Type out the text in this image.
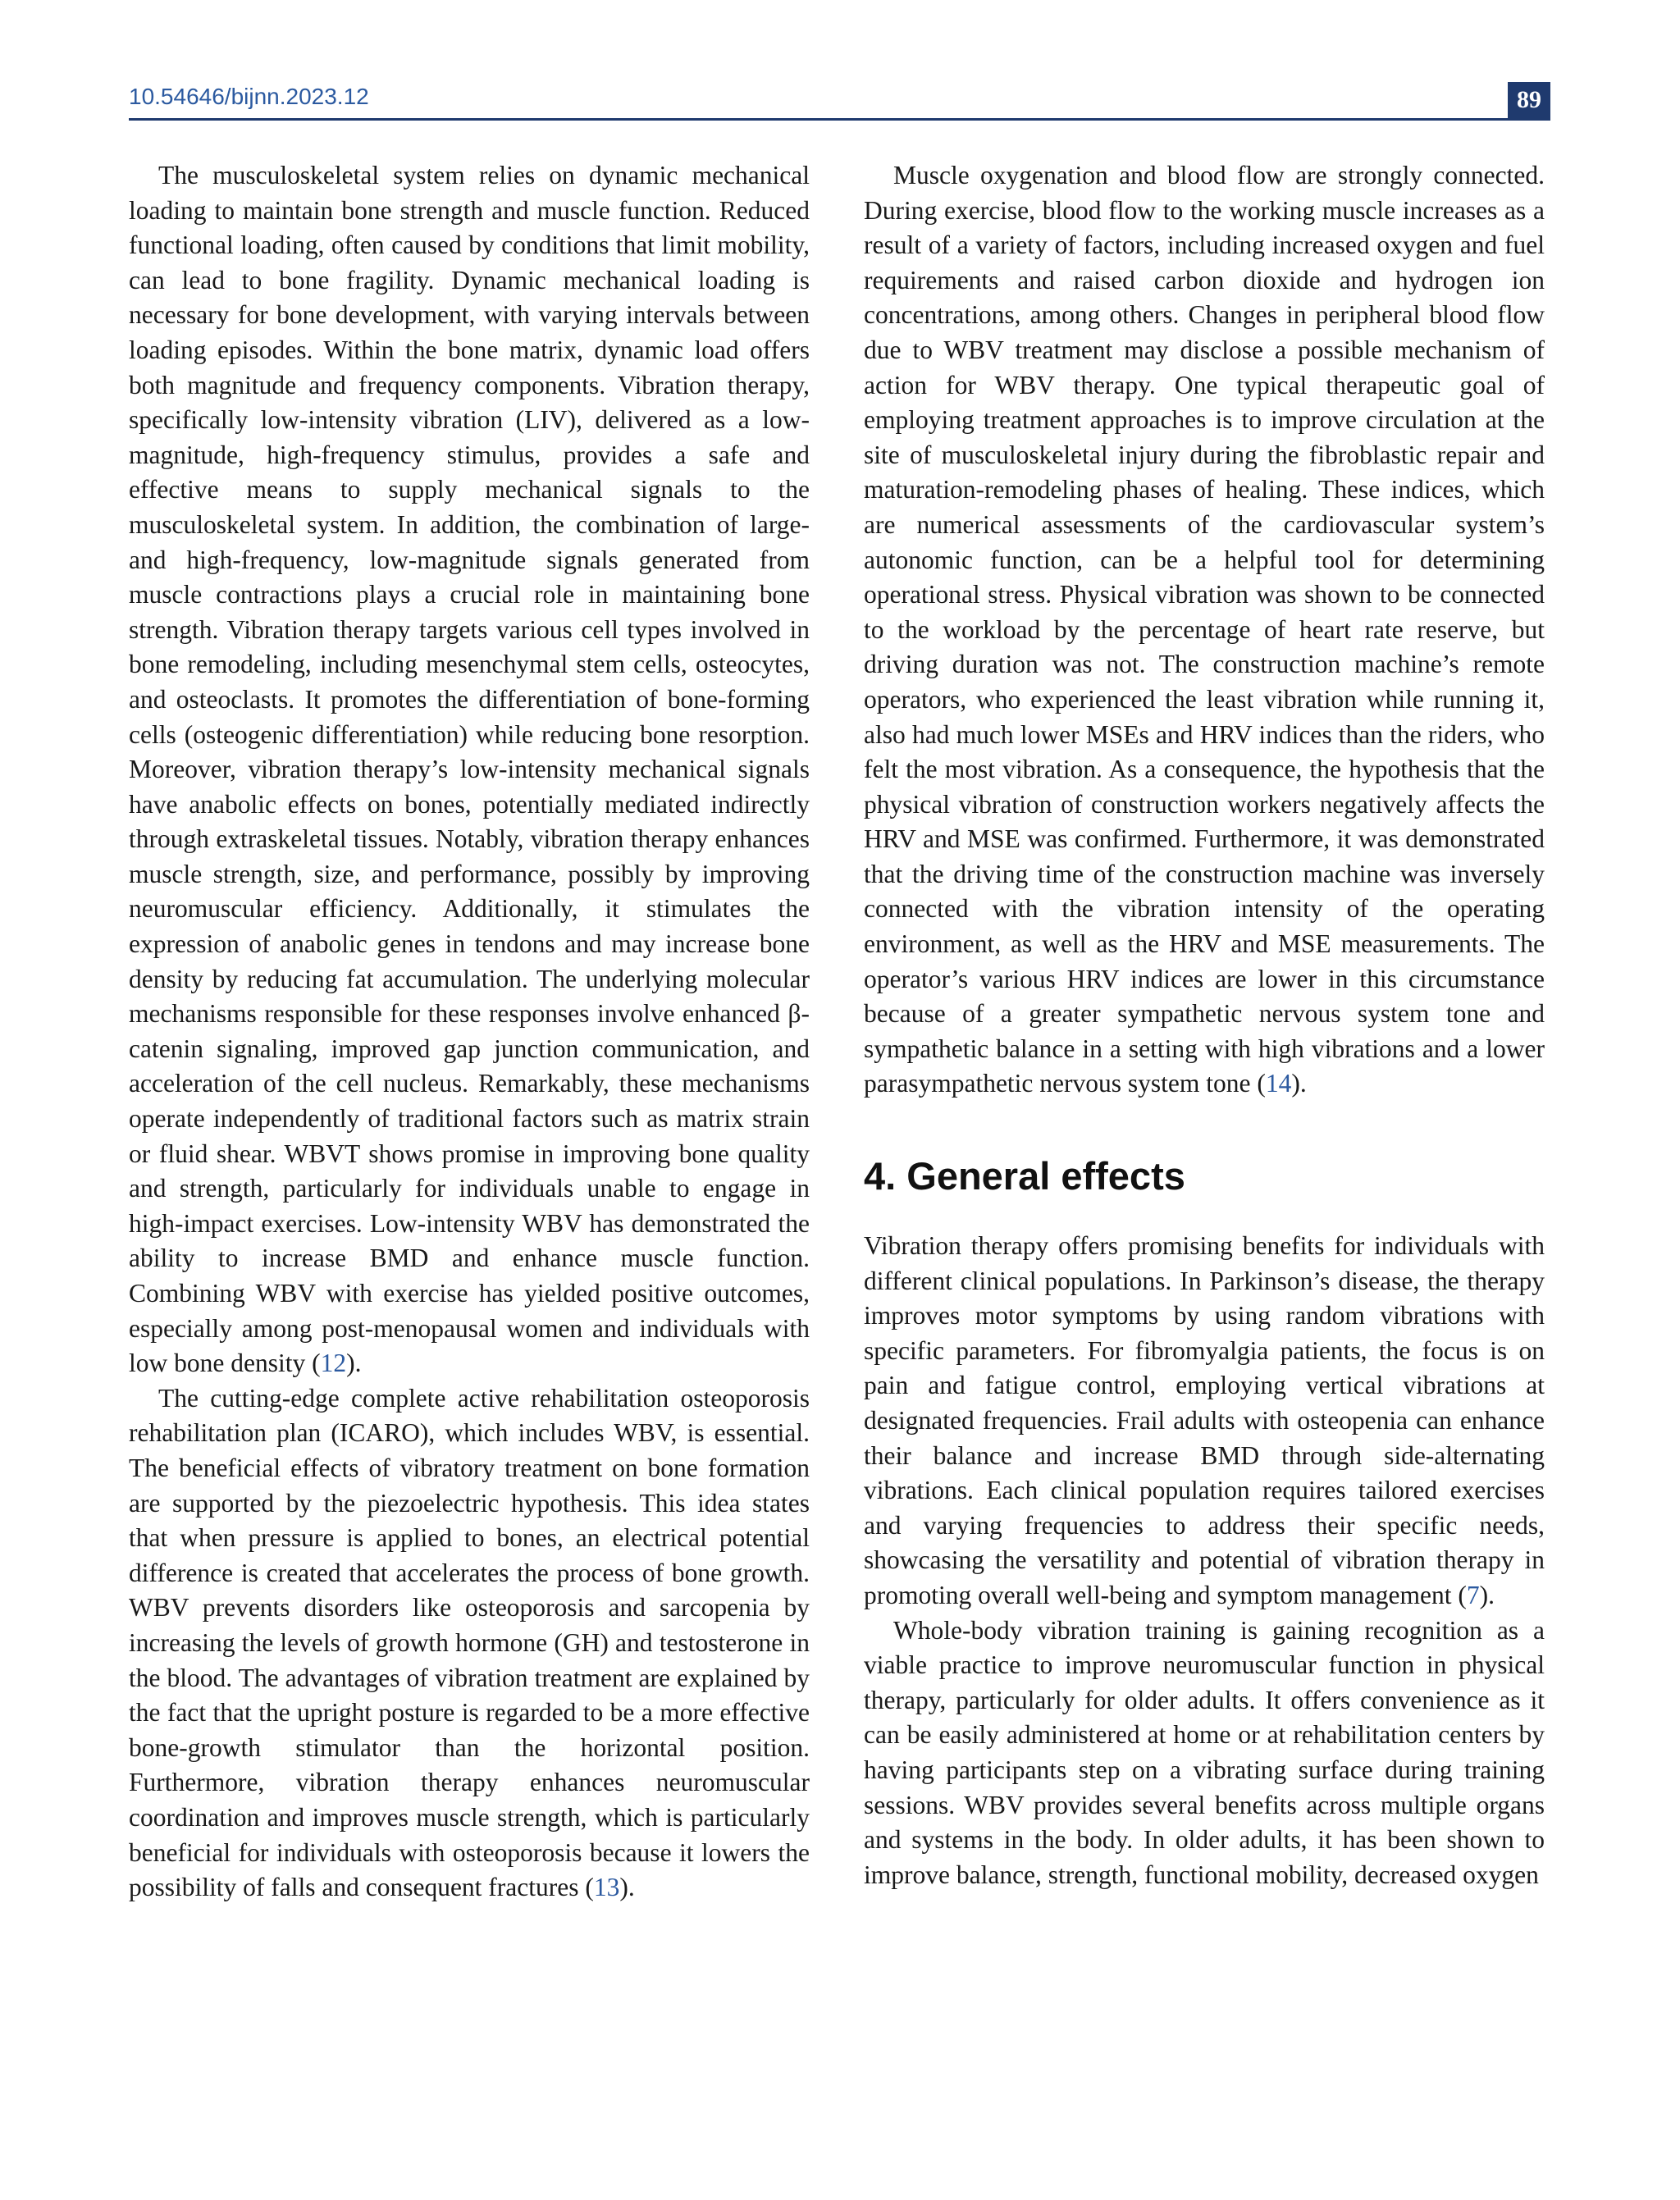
10.54646/bijnn.2023.12	89

The musculoskeletal system relies on dynamic mechanical loading to maintain bone strength and muscle function. Reduced functional loading, often caused by conditions that limit mobility, can lead to bone fragility. Dynamic mechanical loading is necessary for bone development, with varying intervals between loading episodes. Within the bone matrix, dynamic load offers both magnitude and frequency components. Vibration therapy, specifically low-intensity vibration (LIV), delivered as a low-magnitude, high-frequency stimulus, provides a safe and effective means to supply mechanical signals to the musculoskeletal system. In addition, the combination of large- and high-frequency, low-magnitude signals generated from muscle contractions plays a crucial role in maintaining bone strength. Vibration therapy targets various cell types involved in bone remodeling, including mesenchymal stem cells, osteocytes, and osteoclasts. It promotes the differentiation of bone-forming cells (osteogenic differentiation) while reducing bone resorption. Moreover, vibration therapy’s low-intensity mechanical signals have anabolic effects on bones, potentially mediated indirectly through extraskeletal tissues. Notably, vibration therapy enhances muscle strength, size, and performance, possibly by improving neuromuscular efficiency. Additionally, it stimulates the expression of anabolic genes in tendons and may increase bone density by reducing fat accumulation. The underlying molecular mechanisms responsible for these responses involve enhanced β-catenin signaling, improved gap junction communication, and acceleration of the cell nucleus. Remarkably, these mechanisms operate independently of traditional factors such as matrix strain or fluid shear. WBVT shows promise in improving bone quality and strength, particularly for individuals unable to engage in high-impact exercises. Low-intensity WBV has demonstrated the ability to increase BMD and enhance muscle function. Combining WBV with exercise has yielded positive outcomes, especially among post-menopausal women and individuals with low bone density (12).

The cutting-edge complete active rehabilitation osteoporosis rehabilitation plan (ICARO), which includes WBV, is essential. The beneficial effects of vibratory treatment on bone formation are supported by the piezoelectric hypothesis. This idea states that when pressure is applied to bones, an electrical potential difference is created that accelerates the process of bone growth. WBV prevents disorders like osteoporosis and sarcopenia by increasing the levels of growth hormone (GH) and testosterone in the blood. The advantages of vibration treatment are explained by the fact that the upright posture is regarded to be a more effective bone-growth stimulator than the horizontal position. Furthermore, vibration therapy enhances neuromuscular coordination and improves muscle strength, which is particularly beneficial for individuals with osteoporosis because it lowers the possibility of falls and consequent fractures (13).

Muscle oxygenation and blood flow are strongly connected. During exercise, blood flow to the working muscle increases as a result of a variety of factors, including increased oxygen and fuel requirements and raised carbon dioxide and hydrogen ion concentrations, among others. Changes in peripheral blood flow due to WBV treatment may disclose a possible mechanism of action for WBV therapy. One typical therapeutic goal of employing treatment approaches is to improve circulation at the site of musculoskeletal injury during the fibroblastic repair and maturation-remodeling phases of healing. These indices, which are numerical assessments of the cardiovascular system’s autonomic function, can be a helpful tool for determining operational stress. Physical vibration was shown to be connected to the workload by the percentage of heart rate reserve, but driving duration was not. The construction machine’s remote operators, who experienced the least vibration while running it, also had much lower MSEs and HRV indices than the riders, who felt the most vibration. As a consequence, the hypothesis that the physical vibration of construction workers negatively affects the HRV and MSE was confirmed. Furthermore, it was demonstrated that the driving time of the construction machine was inversely connected with the vibration intensity of the operating environment, as well as the HRV and MSE measurements. The operator’s various HRV indices are lower in this circumstance because of a greater sympathetic nervous system tone and sympathetic balance in a setting with high vibrations and a lower parasympathetic nervous system tone (14).

4. General effects

Vibration therapy offers promising benefits for individuals with different clinical populations. In Parkinson’s disease, the therapy improves motor symptoms by using random vibrations with specific parameters. For fibromyalgia patients, the focus is on pain and fatigue control, employing vertical vibrations at designated frequencies. Frail adults with osteopenia can enhance their balance and increase BMD through side-alternating vibrations. Each clinical population requires tailored exercises and varying frequencies to address their specific needs, showcasing the versatility and potential of vibration therapy in promoting overall well-being and symptom management (7).

Whole-body vibration training is gaining recognition as a viable practice to improve neuromuscular function in physical therapy, particularly for older adults. It offers convenience as it can be easily administered at home or at rehabilitation centers by having participants step on a vibrating surface during training sessions. WBV provides several benefits across multiple organs and systems in the body. In older adults, it has been shown to improve balance, strength, functional mobility, decreased oxygen
